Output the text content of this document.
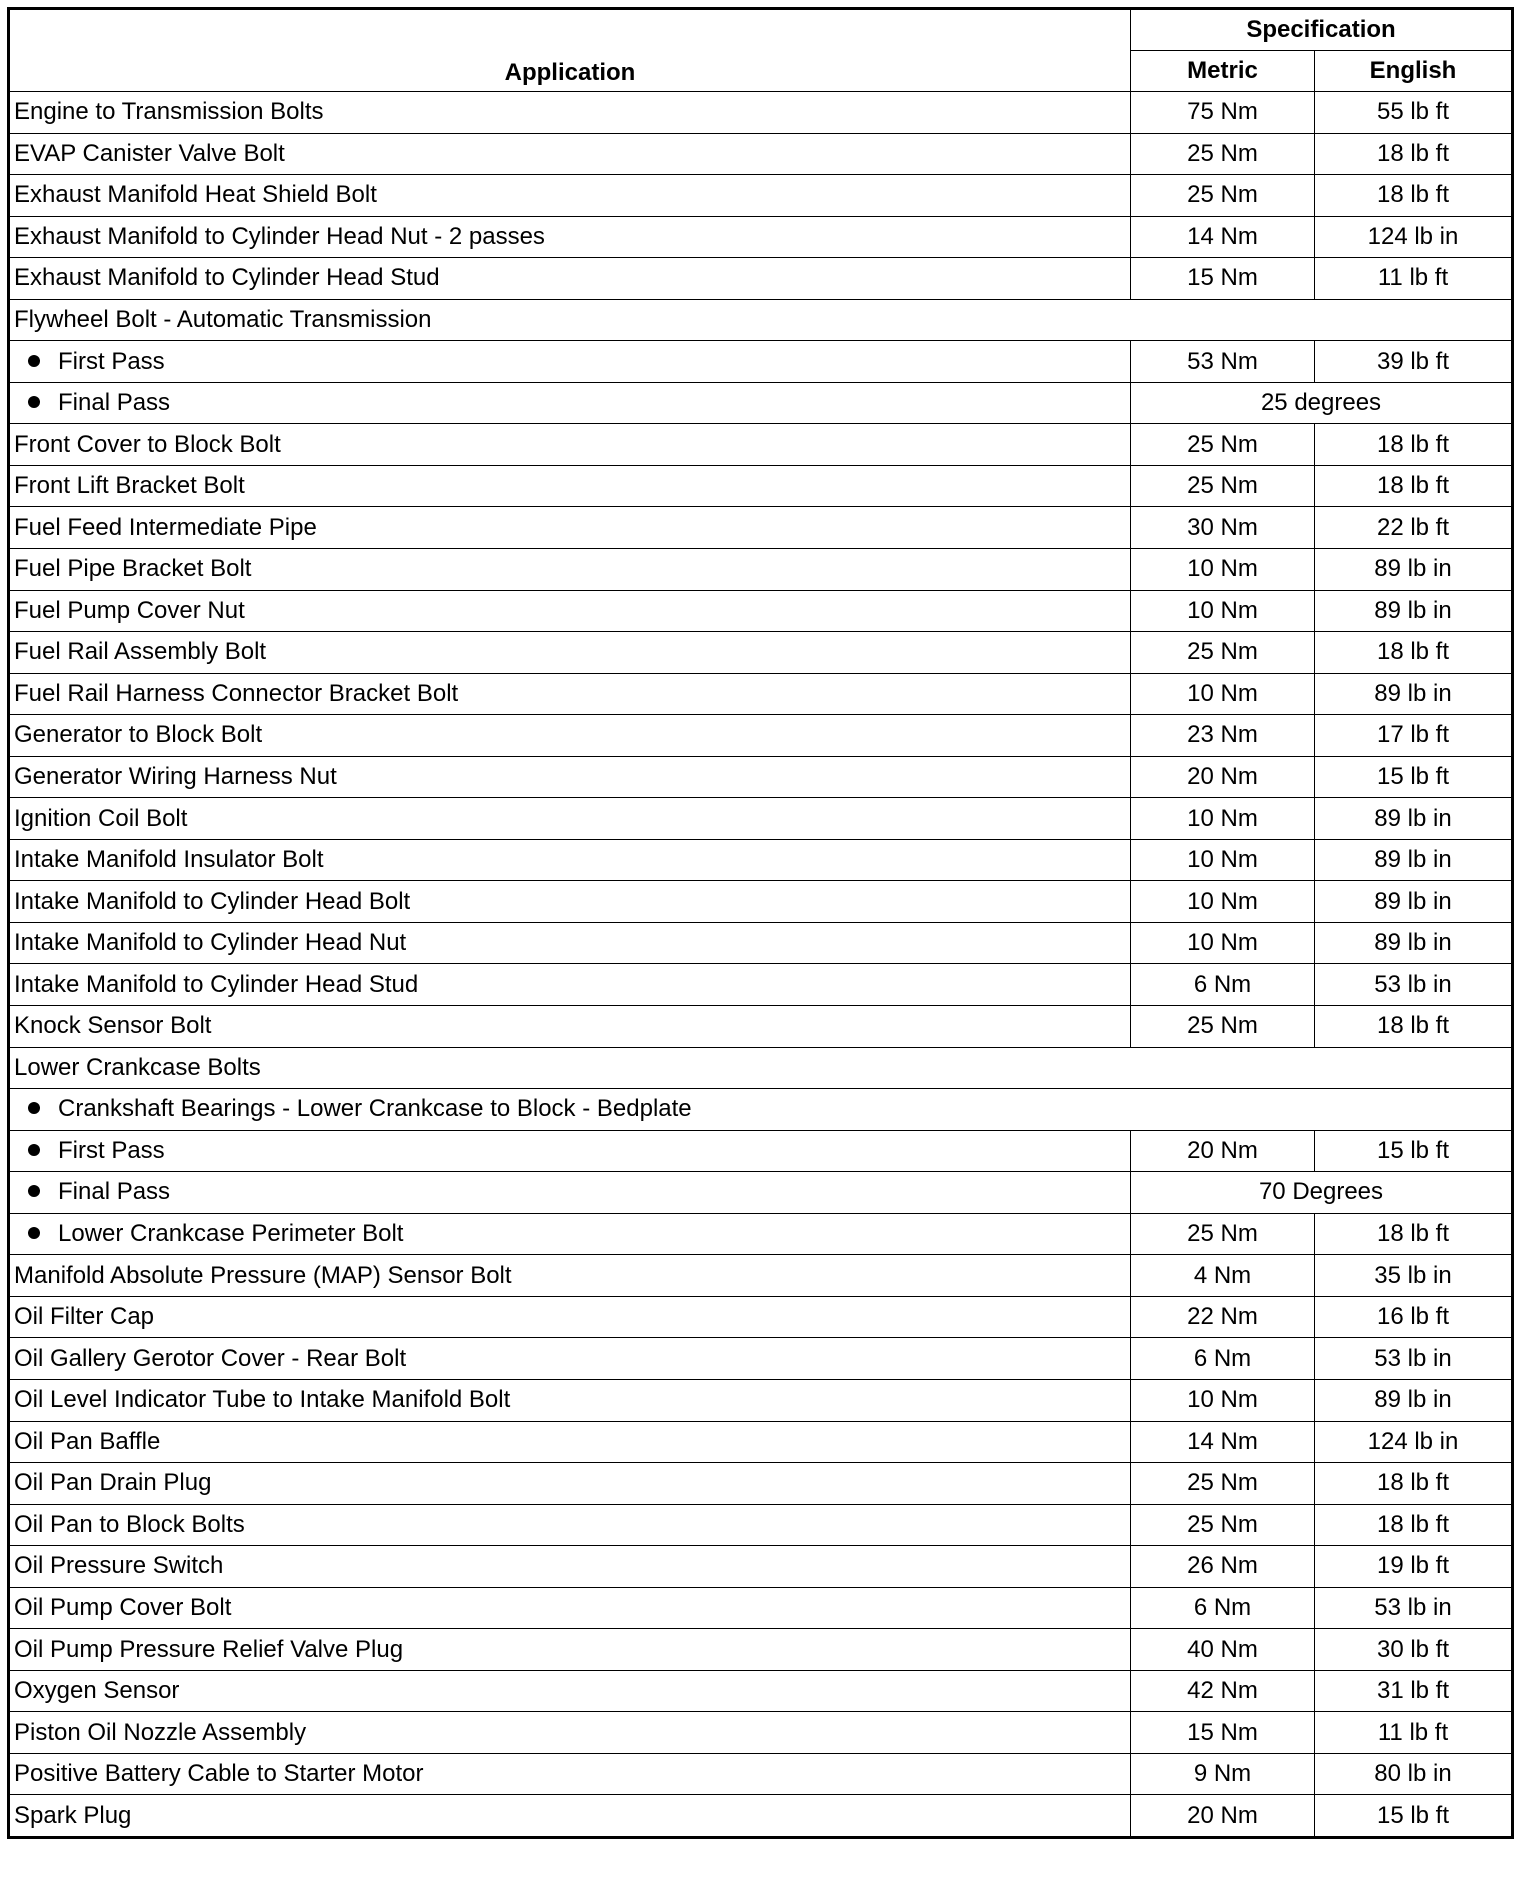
Application	Specification	
	Metric	English
Engine to Transmission Bolts	75 Nm	55 lb ft
EVAP Canister Valve Bolt	25 Nm	18 lb ft
Exhaust Manifold Heat Shield Bolt	25 Nm	18 lb ft
Exhaust Manifold to Cylinder Head Nut - 2 passes	14 Nm	124 lb in
Exhaust Manifold to Cylinder Head Stud	15 Nm	11 lb ft
Flywheel Bolt - Automatic Transmission		
First Pass	53 Nm	39 lb ft
Final Pass	25 degrees	
Front Cover to Block Bolt	25 Nm	18 lb ft
Front Lift Bracket Bolt	25 Nm	18 lb ft
Fuel Feed Intermediate Pipe	30 Nm	22 lb ft
Fuel Pipe Bracket Bolt	10 Nm	89 lb in
Fuel Pump Cover Nut	10 Nm	89 lb in
Fuel Rail Assembly Bolt	25 Nm	18 lb ft
Fuel Rail Harness Connector Bracket Bolt	10 Nm	89 lb in
Generator to Block Bolt	23 Nm	17 lb ft
Generator Wiring Harness Nut	20 Nm	15 lb ft
Ignition Coil Bolt	10 Nm	89 lb in
Intake Manifold Insulator Bolt	10 Nm	89 lb in
Intake Manifold to Cylinder Head Bolt	10 Nm	89 lb in
Intake Manifold to Cylinder Head Nut	10 Nm	89 lb in
Intake Manifold to Cylinder Head Stud	6 Nm	53 lb in
Knock Sensor Bolt	25 Nm	18 lb ft
Lower Crankcase Bolts		
Crankshaft Bearings - Lower Crankcase to Block - Bedplate		
First Pass	20 Nm	15 lb ft
Final Pass	70 Degrees	
Lower Crankcase Perimeter Bolt	25 Nm	18 lb ft
Manifold Absolute Pressure (MAP) Sensor Bolt	4 Nm	35 lb in
Oil Filter Cap	22 Nm	16 lb ft
Oil Gallery Gerotor Cover - Rear Bolt	6 Nm	53 lb in
Oil Level Indicator Tube to Intake Manifold Bolt	10 Nm	89 lb in
Oil Pan Baffle	14 Nm	124 lb in
Oil Pan Drain Plug	25 Nm	18 lb ft
Oil Pan to Block Bolts	25 Nm	18 lb ft
Oil Pressure Switch	26 Nm	19 lb ft
Oil Pump Cover Bolt	6 Nm	53 lb in
Oil Pump Pressure Relief Valve Plug	40 Nm	30 lb ft
Oxygen Sensor	42 Nm	31 lb ft
Piston Oil Nozzle Assembly	15 Nm	11 lb ft
Positive Battery Cable to Starter Motor	9 Nm	80 lb in
Spark Plug	20 Nm	15 lb ft
